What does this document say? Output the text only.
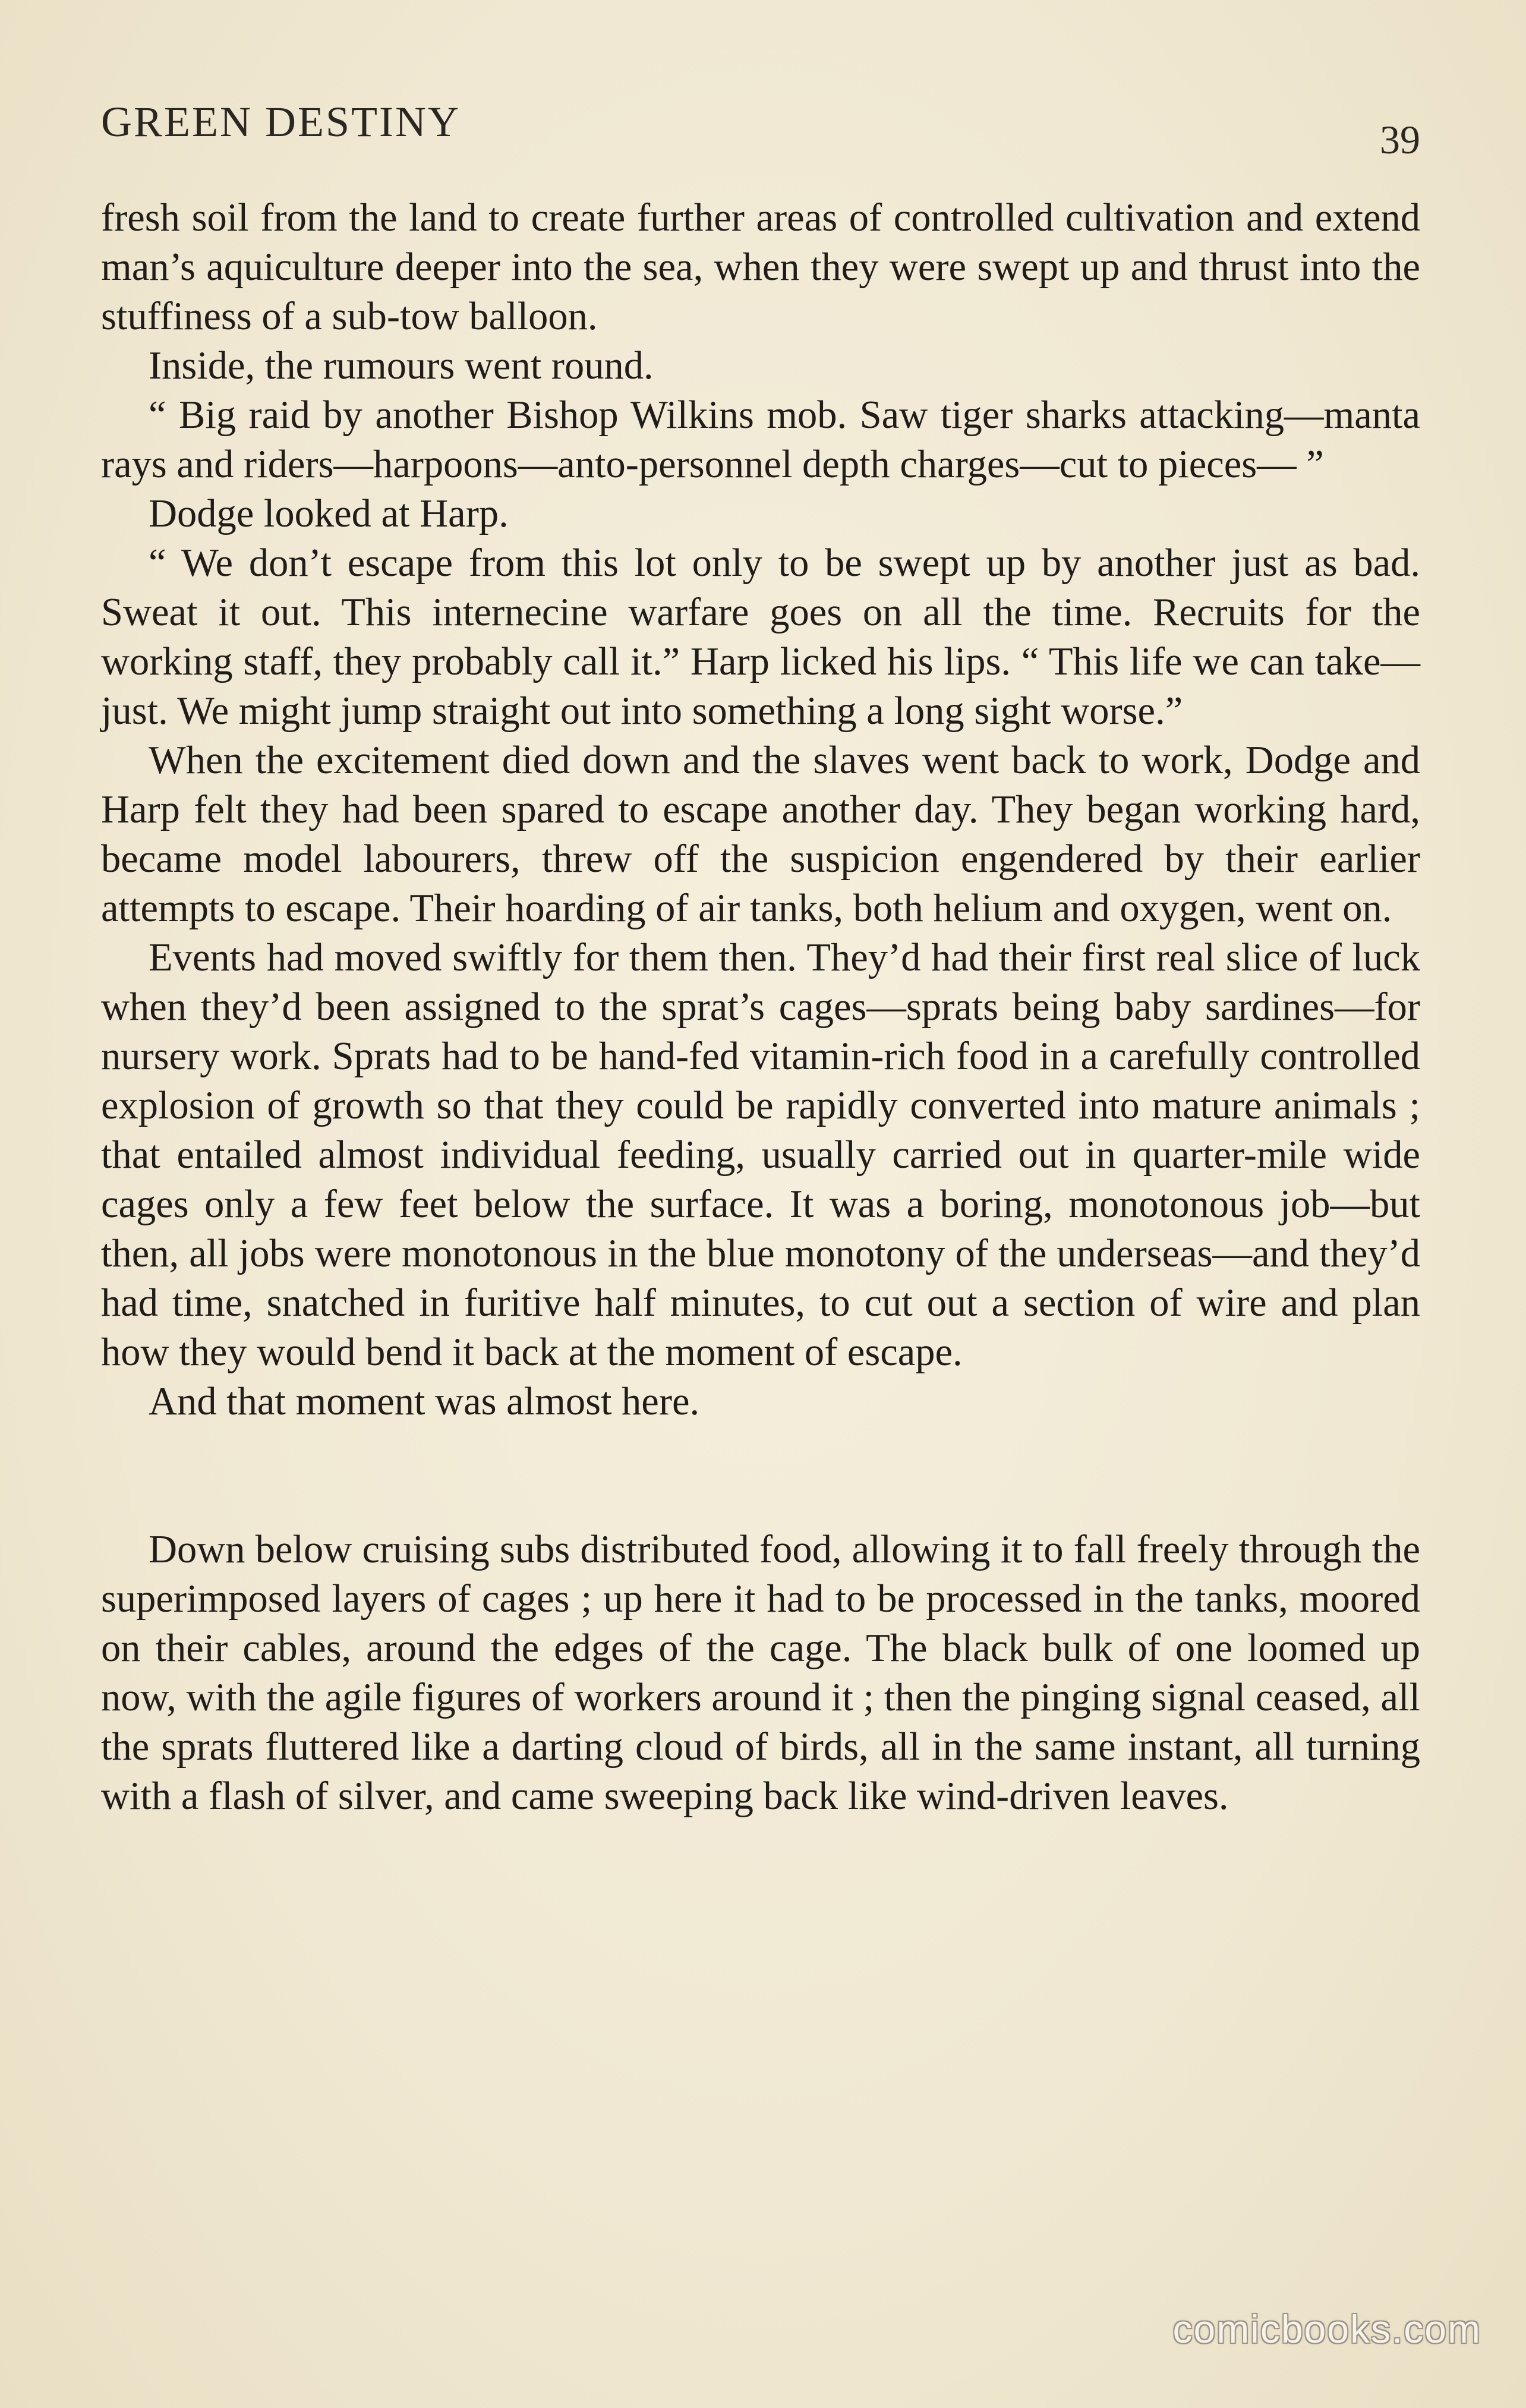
GREEN DESTINY	39

fresh soil from the land to create further areas of controlled cultivation and extend man’s aquiculture deeper into the sea, when they were swept up and thrust into the stuffiness of a sub-tow balloon.

Inside, the rumours went round.

“ Big raid by another Bishop Wilkins mob. Saw tiger sharks attacking—manta rays and riders—harpoons—anto-personnel depth charges—cut to pieces— ”

Dodge looked at Harp.

“ We don’t escape from this lot only to be swept up by another just as bad. Sweat it out. This internecine warfare goes on all the time. Recruits for the working staff, they probably call it.” Harp licked his lips. “ This life we can take—just. We might jump straight out into something a long sight worse.”

When the excitement died down and the slaves went back to work, Dodge and Harp felt they had been spared to escape another day. They began working hard, became model labourers, threw off the suspicion engendered by their earlier attempts to escape. Their hoarding of air tanks, both helium and oxygen, went on.

Events had moved swiftly for them then. They’d had their first real slice of luck when they’d been assigned to the sprat’s cages—sprats being baby sardines—for nursery work. Sprats had to be hand-fed vitamin-rich food in a carefully controlled explosion of growth so that they could be rapidly converted into mature animals ; that entailed almost individual feeding, usually carried out in quarter-mile wide cages only a few feet below the surface. It was a boring, monotonous job—but then, all jobs were monotonous in the blue monotony of the underseas—and they’d had time, snatched in furitive half minutes, to cut out a section of wire and plan how they would bend it back at the moment of escape.

And that moment was almost here.

Down below cruising subs distributed food, allowing it to fall freely through the superimposed layers of cages ; up here it had to be processed in the tanks, moored on their cables, around the edges of the cage. The black bulk of one loomed up now, with the agile figures of workers around it ; then the pinging signal ceased, all the sprats fluttered like a darting cloud of birds, all in the same instant, all turning with a flash of silver, and came sweeping back like wind-driven leaves.

comicbooks.com
